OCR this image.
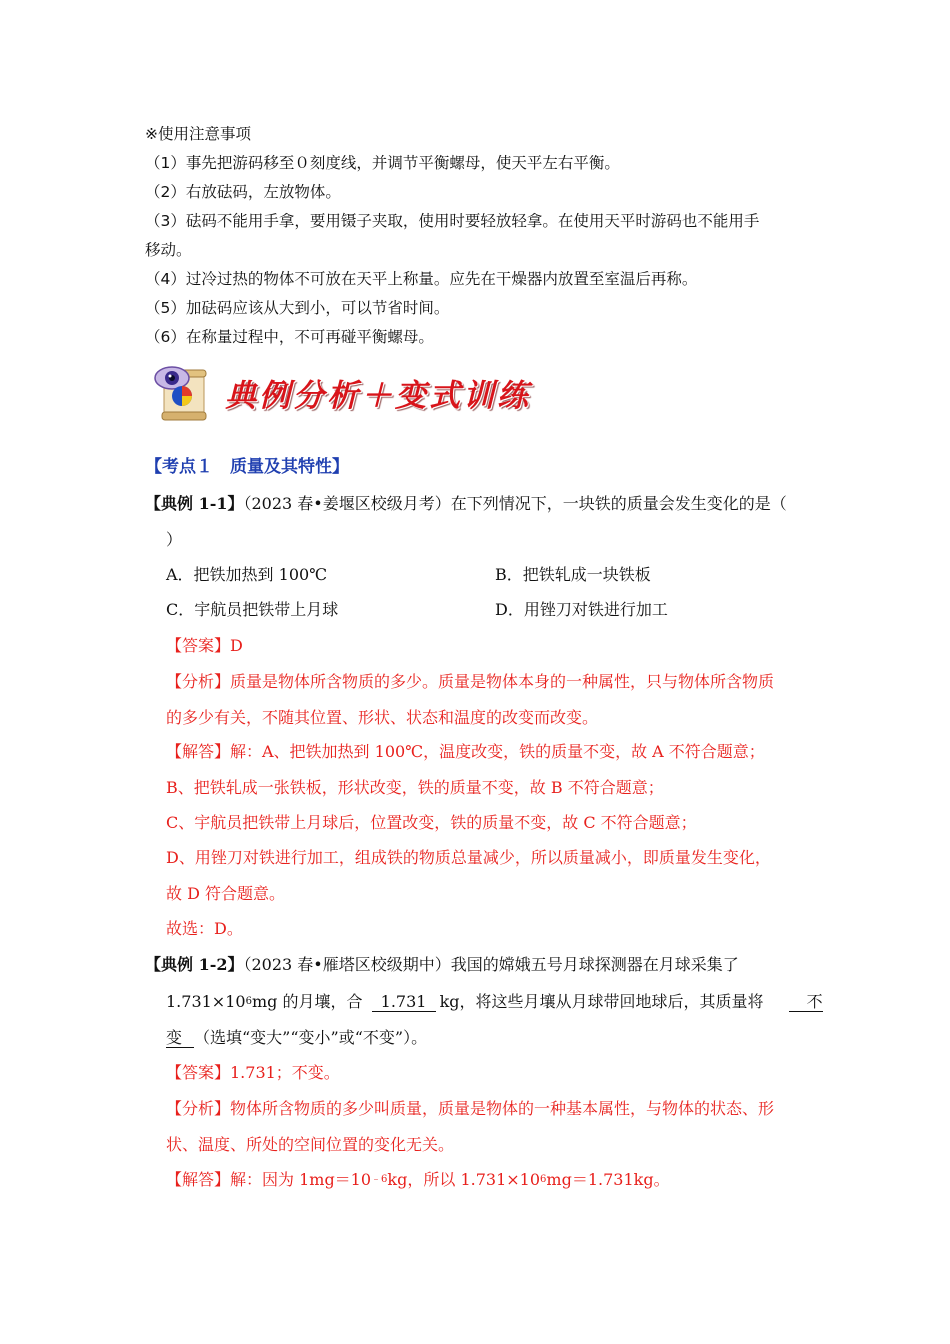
※使用注意事项
（1）事先把游码移至０刻度线，并调节平衡螺母，使天平左右平衡。
（2）右放砝码，左放物体。
（3）砝码不能用手拿，要用镊子夹取，使用时要轻放轻拿。在使用天平时游码也不能用手
移动。
（4）过冷过热的物体不可放在天平上称量。应先在干燥器内放置至室温后再称。
（5）加砝码应该从大到小，可以节省时间。
（6）在称量过程中，不可再碰平衡螺母。
典例分析＋变式训练
【考点１　质量及其特性】
【典例 1-1】（2023 春•姜堰区校级月考）在下列情况下，一块铁的质量会发生变化的是（
）
A．把铁加热到 100℃	B．把铁轧成一块铁板
C．宇航员把铁带上月球	D．用锉刀对铁进行加工
【答案】D
【分析】质量是物体所含物质的多少。质量是物体本身的一种属性，只与物体所含物质
的多少有关，不随其位置、形状、状态和温度的改变而改变。
【解答】解：A、把铁加热到 100℃，温度改变，铁的质量不变，故 A 不符合题意；
B、把铁轧成一张铁板，形状改变，铁的质量不变，故 B 不符合题意；
C、宇航员把铁带上月球后，位置改变，铁的质量不变，故 C 不符合题意；
D、用锉刀对铁进行加工，组成铁的物质总量减少，所以质量减小，即质量发生变化，
故 D 符合题意。
故选：D。
【典例 1-2】（2023 春•雁塔区校级期中）我国的嫦娥五号月球探测器在月球采集了
$1.731\times 10^6mg$ 的月壤，合 1.731 kg，将这些月壤从月球带回地球后，其质量将	不
变 （选填“变大”“变小”或“不变”）。
【答案】1.731；不变。
【分析】物体所含物质的多少叫质量，质量是物体的一种基本属性，与物体的状态、形
状、温度、所处的空间位置的变化无关。
【解答】解：因为 $1mg=10^{﹣6}kg$，所以 $1.731\times 10^6mg=1.731kg$。
